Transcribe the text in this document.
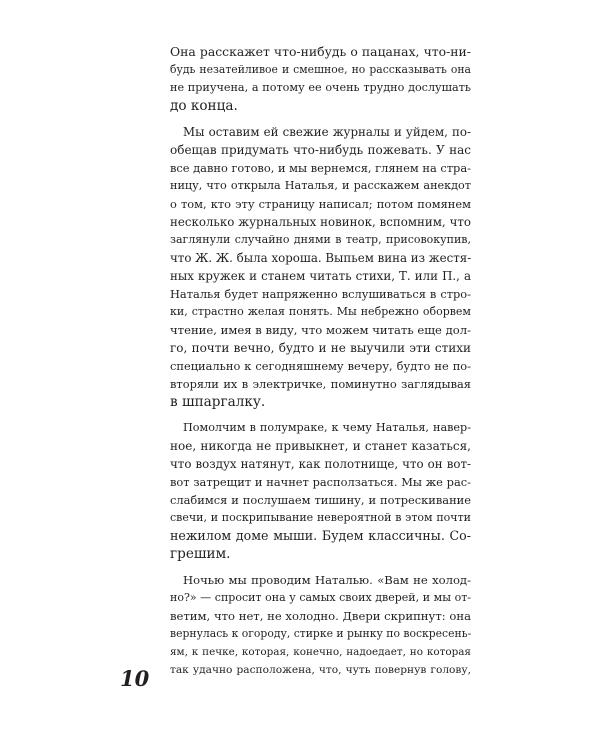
Она расскажет что-нибудь о пацанах, что-ни-
будь незатейливое и смешное, но рассказывать она
не приучена, а потому ее очень трудно дослушать
до конца.
Мы оставим ей свежие журналы и уйдем, по-
обещав придумать что-нибудь пожевать. У нас
все давно готово, и мы вернемся, глянем на стра-
ницу, что открыла Наталья, и расскажем анекдот
о том, кто эту страницу написал; потом помянем
несколько журнальных новинок, вспомним, что
заглянули случайно днями в театр, присовокупив,
что Ж. Ж. была хороша. Выпьем вина из жестя-
ных кружек и станем читать стихи, Т. или П., а
Наталья будет напряженно вслушиваться в стро-
ки, страстно желая понять. Мы небрежно оборвем
чтение, имея в виду, что можем читать еще дол-
го, почти вечно, будто и не выучили эти стихи
специально к сегодняшнему вечеру, будто не по-
вторяли их в электричке, поминутно заглядывая
в шпаргалку.
Помолчим в полумраке, к чему Наталья, навер-
ное, никогда не привыкнет, и станет казаться,
что воздух натянут, как полотнище, что он вот-
вот затрещит и начнет расползаться. Мы же рас-
слабимся и послушаем тишину, и потрескивание
свечи, и поскрипывание невероятной в этом почти
нежилом доме мыши. Будем классичны. Со-
грешим.
Ночью мы проводим Наталью. «Вам не холод-
но?» — спросит она у самых своих дверей, и мы от-
ветим, что нет, не холодно. Двери скрипнут: она
вернулась к огороду, стирке и рынку по воскресень-
ям, к печке, которая, конечно, надоедает, но которая
так удачно расположена, что, чуть повернув голову,
10
